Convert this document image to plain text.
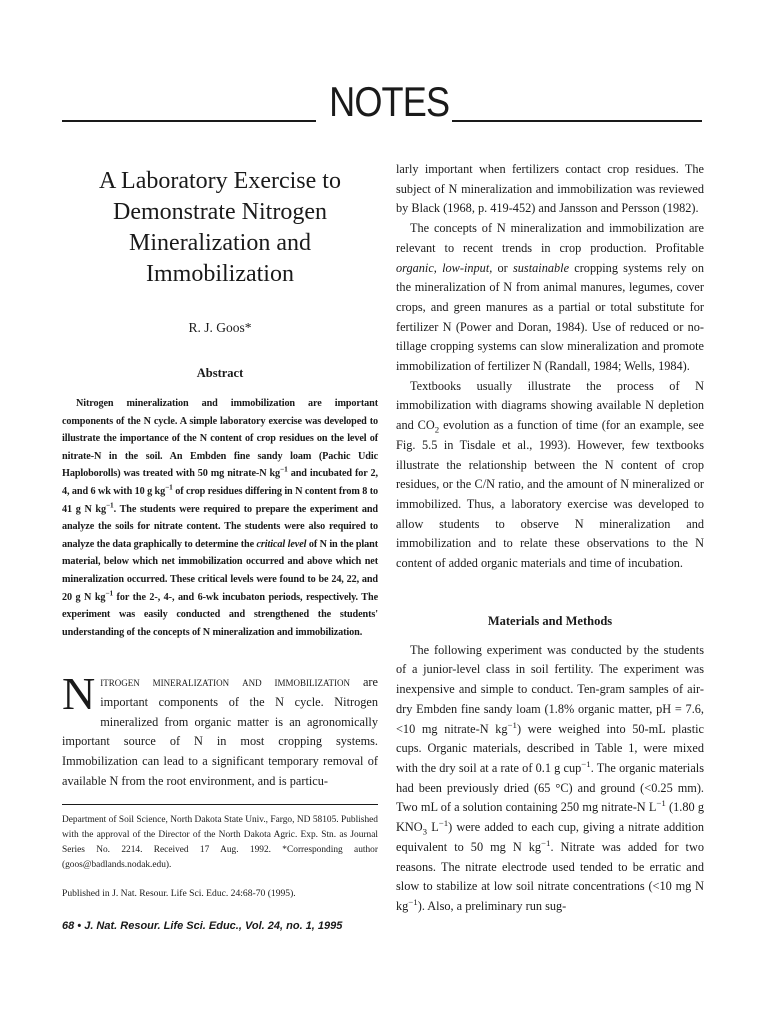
NOTES
A Laboratory Exercise to Demonstrate Nitrogen Mineralization and Immobilization

R. J. Goos*

Abstract

Nitrogen mineralization and immobilization are important components of the N cycle. A simple laboratory exercise was developed to illustrate the importance of the N content of crop residues on the level of nitrate-N in the soil. An Embden fine sandy loam (Pachic Udic Haploborolls) was treated with 50 mg nitrate-N $kg^{-1}$ and incubated for 2, 4, and 6 wk with 10 g $kg^{-1}$ of crop residues differing in N content from 8 to 41 g N $kg^{-1}$. The students were required to prepare the experiment and analyze the soils for nitrate content. The students were also required to analyze the data graphically to determine the critical level of N in the plant material, below which net immobilization occurred and above which net mineralization occurred. These critical levels were found to be 24, 22, and 20 g N $kg^{-1}$ for the 2-, 4-, and 6-wk incubaton periods, respectively. The experiment was easily conducted and strengthened the students' understanding of the concepts of N mineralization and immobilization.

Nitrogen mineralization and immobilization are important components of the N cycle. Nitrogen mineralized from organic matter is an agronomically important source of N in most cropping systems. Immobilization can lead to a significant temporary removal of available N from the root environment, and is particu-

Department of Soil Science, North Dakota State Univ., Fargo, ND 58105. Published with the approval of the Director of the North Dakota Agric. Exp. Stn. as Journal Series No. 2214. Received 17 Aug. 1992. *Corresponding author (goos@badlands.nodak.edu).

Published in J. Nat. Resour. Life Sci. Educ. 24:68-70 (1995).

larly important when fertilizers contact crop residues. The subject of N mineralization and immobilization was reviewed by Black (1968, p. 419-452) and Jansson and Persson (1982).

The concepts of N mineralization and immobilization are relevant to recent trends in crop production. Profitable organic, low-input, or sustainable cropping systems rely on the mineralization of N from animal manures, legumes, cover crops, and green manures as a partial or total substitute for fertilizer N (Power and Doran, 1984). Use of reduced or no-tillage cropping systems can slow mineralization and promote immobilization of fertilizer N (Randall, 1984; Wells, 1984).

Textbooks usually illustrate the process of N immobilization with diagrams showing available N depletion and $CO_2$ evolution as a function of time (for an example, see Fig. 5.5 in Tisdale et al., 1993). However, few textbooks illustrate the relationship between the N content of crop residues, or the C/N ratio, and the amount of N mineralized or immobilized. Thus, a laboratory exercise was developed to allow students to observe N mineralization and immobilization and to relate these observations to the N content of added organic materials and time of incubation.

Materials and Methods

The following experiment was conducted by the students of a junior-level class in soil fertility. The experiment was inexpensive and simple to conduct. Ten-gram samples of air-dry Embden fine sandy loam (1.8% organic matter, pH = 7.6, <10 mg nitrate-N $kg^{-1}$) were weighed into 50-mL plastic cups. Organic materials, described in Table 1, were mixed with the dry soil at a rate of 0.1 g cup$^{-1}$. The organic materials had been previously dried (65 °C) and ground (<0.25 mm). Two mL of a solution containing 250 mg nitrate-N $L^{-1}$ (1.80 g $KNO_3$ $L^{-1}$) were added to each cup, giving a nitrate addition equivalent to 50 mg N $kg^{-1}$. Nitrate was added for two reasons. The nitrate electrode used tended to be erratic and slow to stabilize at low soil nitrate concentrations (<10 mg N $kg^{-1}$). Also, a preliminary run sug-

68 • J. Nat. Resour. Life Sci. Educ., Vol. 24, no. 1, 1995
